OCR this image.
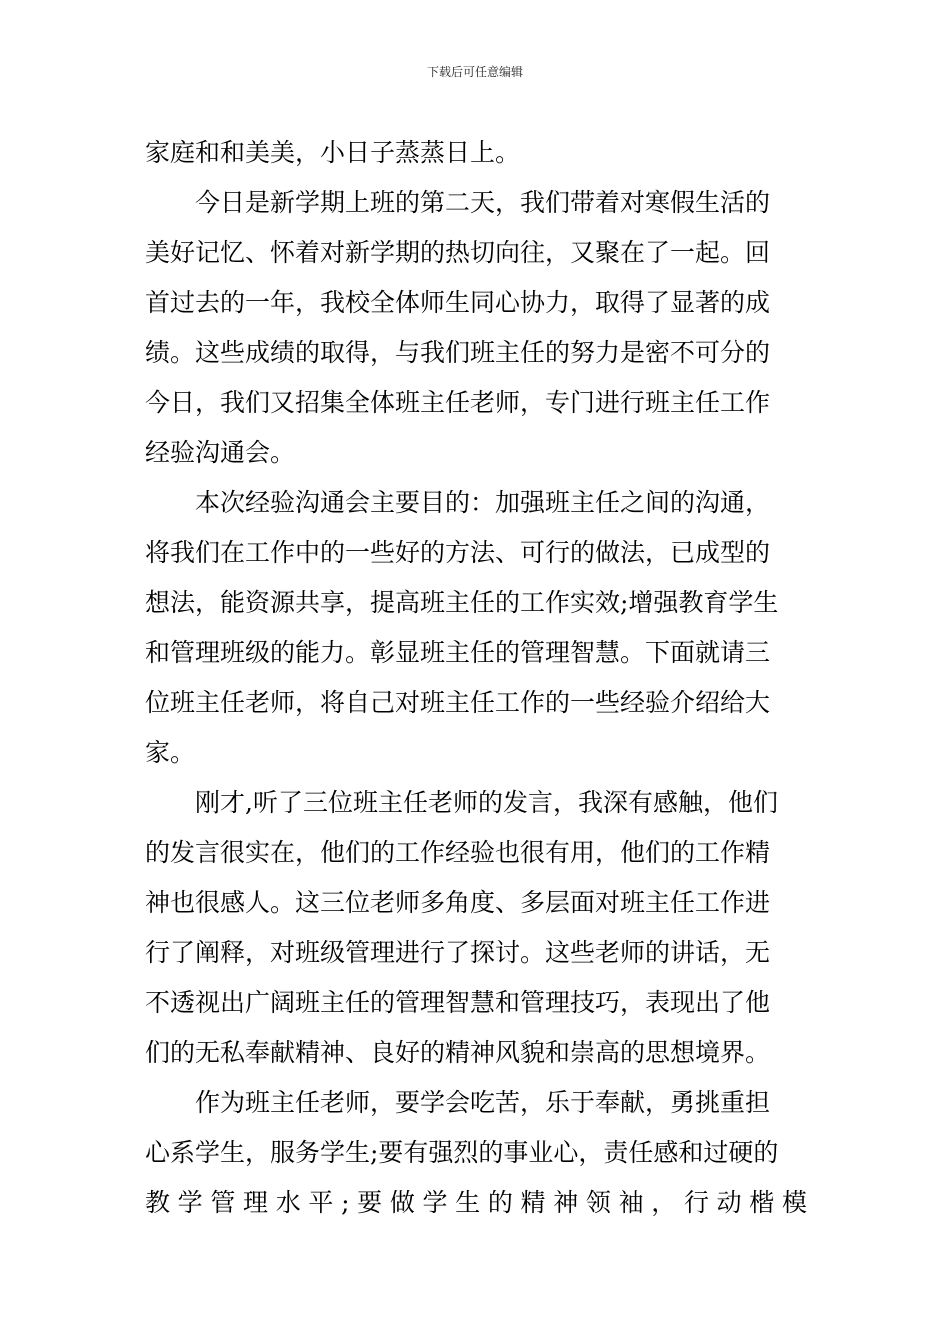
下载后可任意编辑
家庭和和美美，小日子蒸蒸日上。
今日是新学期上班的第二天，我们带着对寒假生活的
美好记忆、怀着对新学期的热切向往，又聚在了一起。回
首过去的一年，我校全体师生同心协力，取得了显著的成
绩。这些成绩的取得，与我们班主任的努力是密不可分的
今日，我们又招集全体班主任老师，专门进行班主任工作
经验沟通会。
本次经验沟通会主要目的：加强班主任之间的沟通，
将我们在工作中的一些好的方法、可行的做法，已成型的
想法，能资源共享，提高班主任的工作实效;增强教育学生
和管理班级的能力。彰显班主任的管理智慧。下面就请三
位班主任老师，将自己对班主任工作的一些经验介绍给大
家。
刚才,听了三位班主任老师的发言，我深有感触，他们
的发言很实在，他们的工作经验也很有用，他们的工作精
神也很感人。这三位老师多角度、多层面对班主任工作进
行了阐释，对班级管理进行了探讨。这些老师的讲话，无
不透视出广阔班主任的管理智慧和管理技巧，表现出了他
们的无私奉献精神、良好的精神风貌和崇高的思想境界。
作为班主任老师，要学会吃苦，乐于奉献，勇挑重担
心系学生，服务学生;要有强烈的事业心，责任感和过硬的
教学管理水平;要做学生的精神领袖，行动楷模
